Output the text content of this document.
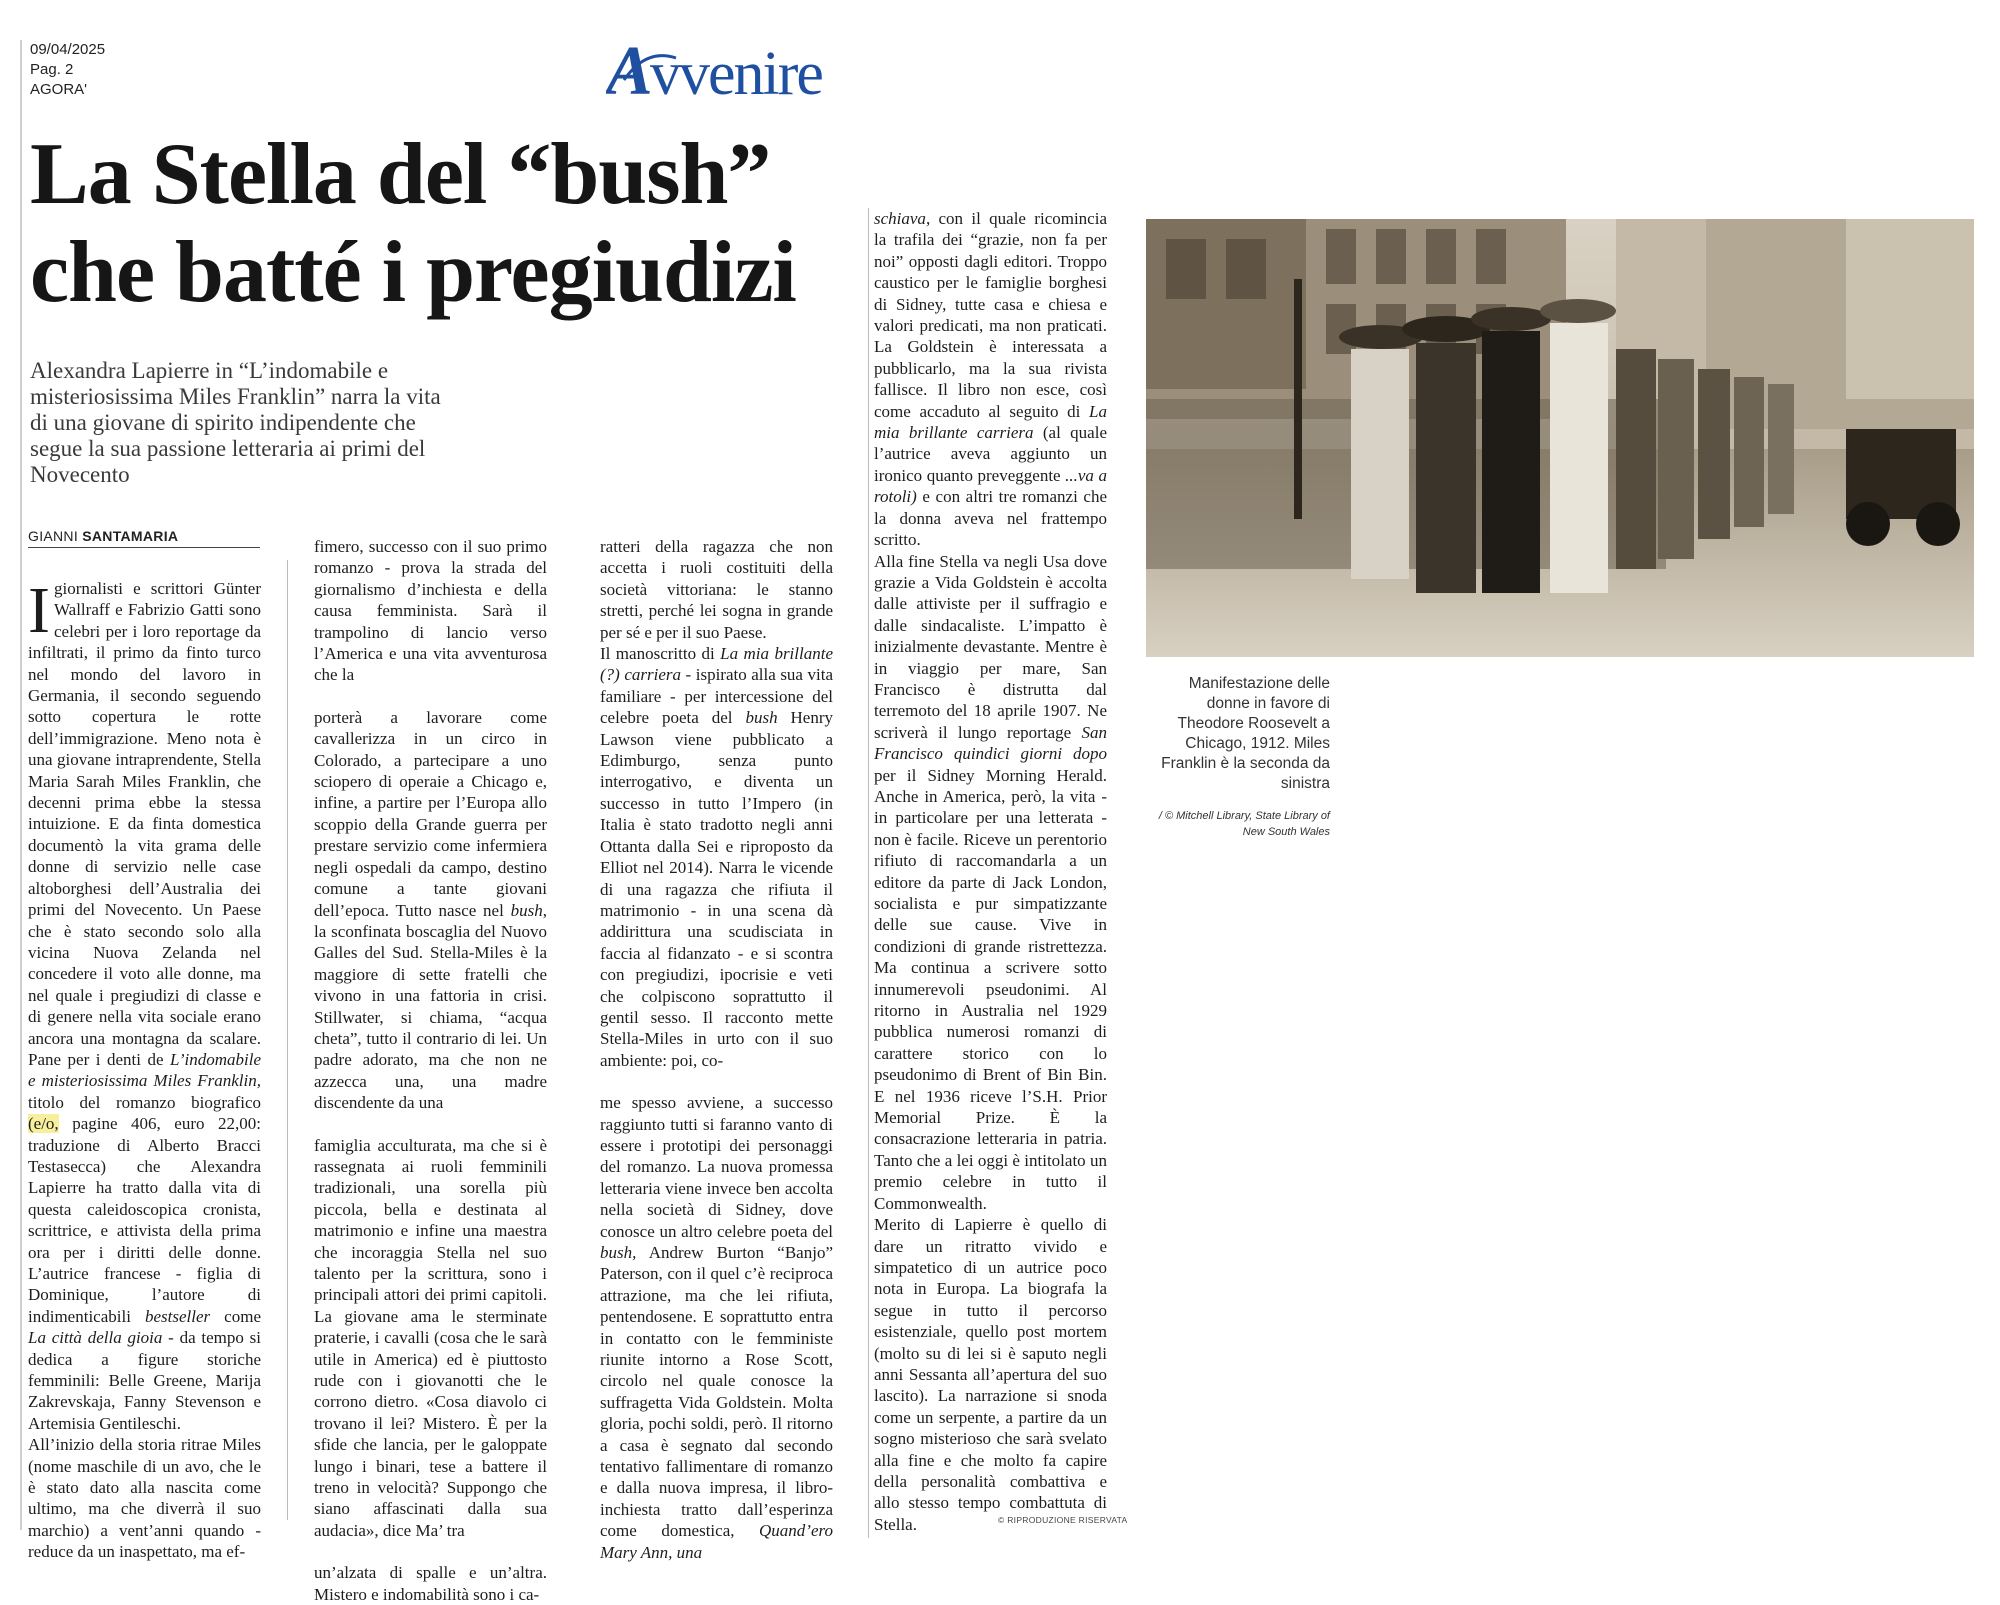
09/04/2025
Pag. 2
AGORA'	A
vvenire
La Stella del “bush”
che batté i pregiudizi
Alexandra Lapierre in “L’indomabile e misteriosissima Miles Franklin” narra la vita di una giovane di spirito indipendente che segue la sua passione letteraria ai primi del Novecento
GIANNI SANTAMARIA

I giornalisti e scrittori Günter Wallraff e Fabrizio Gatti sono celebri per i loro reportage da infiltrati, il primo da finto turco nel mondo del lavoro in Germania, il secondo seguendo sotto copertura le rotte dell’immigrazione. Meno nota è una giovane intraprendente, Stella Maria Sarah Miles Franklin, che decenni prima ebbe la stessa intuizione. E da finta domestica documentò la vita grama delle donne di servizio nelle case altoborghesi dell’Australia dei primi del Novecento. Un Paese che è stato secondo solo alla vicina Nuova Zelanda nel concedere il voto alle donne, ma nel quale i pregiudizi di classe e di genere nella vita sociale erano ancora una montagna da scalare. Pane per i denti de L’indomabile e misteriosissima Miles Franklin, titolo del romanzo biografico (e/o, pagine 406, euro 22,00: traduzione di Alberto Bracci Testasecca) che Alexandra Lapierre ha tratto dalla vita di questa caleidoscopica cronista, scrittrice, e attivista della prima ora per i diritti delle donne. L’autrice francese - figlia di Dominique, l’autore di indimenticabili bestseller come La città della gioia - da tempo si dedica a figure storiche femminili: Belle Greene, Marija Zakrevskaja, Fanny Stevenson e Artemisia Gentileschi.

All’inizio della storia ritrae Miles (nome maschile di un avo, che le è stato dato alla nascita come ultimo, ma che diverrà il suo marchio) a vent’anni quando - reduce da un inaspettato, ma ef-

fimero, successo con il suo primo romanzo - prova la strada del giornalismo d’inchiesta e della causa femminista. Sarà il trampolino di lancio verso l’America e una vita avventurosa che la

porterà a lavorare come cavallerizza in un circo in Colorado, a partecipare a uno sciopero di operaie a Chicago e, infine, a partire per l’Europa allo scoppio della Grande guerra per prestare servizio come infermiera negli ospedali da campo, destino comune a tante giovani dell’epoca. Tutto nasce nel bush, la sconfinata boscaglia del Nuovo Galles del Sud. Stella-Miles è la maggiore di sette fratelli che vivono in una fattoria in crisi. Stillwater, si chiama, “acqua cheta”, tutto il contrario di lei. Un padre adorato, ma che non ne azzecca una, una madre discendente da una

famiglia acculturata, ma che si è rassegnata ai ruoli femminili tradizionali, una sorella più piccola, bella e destinata al matrimonio e infine una maestra che incoraggia Stella nel suo talento per la scrittura, sono i principali attori dei primi capitoli. La giovane ama le sterminate praterie, i cavalli (cosa che le sarà utile in America) ed è piuttosto rude con i giovanotti che le corrono dietro. «Cosa diavolo ci trovano il lei? Mistero. È per la sfide che lancia, per le galoppate lungo i binari, tese a battere il treno in velocità? Suppongo che siano affascinati dalla sua audacia», dice Ma’ tra

un’alzata di spalle e un’altra. Mistero e indomabilità sono i ca-

ratteri della ragazza che non accetta i ruoli costituiti della società vittoriana: le stanno stretti, perché lei sogna in grande per sé e per il suo Paese.

Il manoscritto di La mia brillante (?) carriera - ispirato alla sua vita familiare - per intercessione del celebre poeta del bush Henry Lawson viene pubblicato a Edimburgo, senza punto interrogativo, e diventa un successo in tutto l’Impero (in Italia è stato tradotto negli anni Ottanta dalla Sei e riproposto da Elliot nel 2014). Narra le vicende di una ragazza che rifiuta il matrimonio - in una scena dà addirittura una scudisciata in faccia al fidanzato - e si scontra con pregiudizi, ipocrisie e veti che colpiscono soprattutto il gentil sesso. Il racconto mette Stella-Miles in urto con il suo ambiente: poi, co-

me spesso avviene, a successo raggiunto tutti si faranno vanto di essere i prototipi dei personaggi del romanzo. La nuova promessa letteraria viene invece ben accolta nella società di Sidney, dove conosce un altro celebre poeta del bush, Andrew Burton “Banjo” Paterson, con il quel c’è reciproca attrazione, ma che lei rifiuta, pentendosene. E soprattutto entra in contatto con le femministe riunite intorno a Rose Scott, circolo nel quale conosce la suffragetta Vida Goldstein. Molta gloria, pochi soldi, però. Il ritorno a casa è segnato dal secondo tentativo fallimentare di romanzo e dalla nuova impresa, il libro-inchiesta tratto dall’esperinza come domestica, Quand’ero Mary Ann, una

schiava, con il quale ricomincia la trafila dei “grazie, non fa per noi” opposti dagli editori. Troppo caustico per le famiglie borghesi di Sidney, tutte casa e chiesa e valori predicati, ma non praticati. La Goldstein è interessata a pubblicarlo, ma la sua rivista fallisce. Il libro non esce, così come accaduto al seguito di La mia brillante carriera (al quale l’autrice aveva aggiunto un ironico quanto preveggente ...va a rotoli) e con altri tre romanzi che la donna aveva nel frattempo scritto.

Alla fine Stella va negli Usa dove grazie a Vida Goldstein è accolta dalle attiviste per il suffragio e dalle sindacaliste. L’impatto è inizialmente devastante. Mentre è in viaggio per mare, San Francisco è distrutta dal terremoto del 18 aprile 1907. Ne scriverà il lungo reportage San Francisco quindici giorni dopo per il Sidney Morning Herald. Anche in America, però, la vita - in particolare per una letterata - non è facile. Riceve un perentorio rifiuto di raccomandarla a un editore da parte di Jack London, socialista e pur simpatizzante delle sue cause. Vive in condizioni di grande ristrettezza. Ma continua a scrivere sotto innumerevoli pseudonimi. Al ritorno in Australia nel 1929 pubblica numerosi romanzi di carattere storico con lo pseudonimo di Brent of Bin Bin. E nel 1936 riceve l’S.H. Prior Memorial Prize. È la consacrazione letteraria in patria. Tanto che a lei oggi è intitolato un premio celebre in tutto il Commonwealth.

Merito di Lapierre è quello di dare un ritratto vivido e simpatetico di un autrice poco nota in Europa. La biografa la segue in tutto il percorso esistenziale, quello post mortem (molto su di lei si è saputo negli anni Sessanta all’apertura del suo lascito). La narrazione si snoda come un serpente, a partire da un sogno misterioso che sarà svelato alla fine e che molto fa capire della personalità combattiva e allo stesso tempo combattuta di Stella.	© RIPRODUZIONE RISERVATA
Manifestazione delle donne in favore di Theodore Roosevelt a Chicago, 1912. Miles Franklin è la seconda da sinistra
/ © Mitchell Library, State Library of New South Wales
